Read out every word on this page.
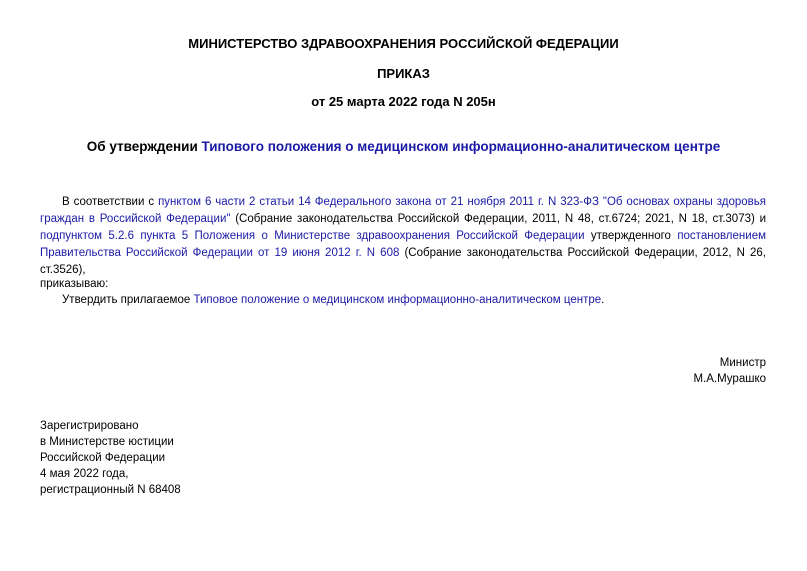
МИНИСТЕРСТВО ЗДРАВООХРАНЕНИЯ РОССИЙСКОЙ ФЕДЕРАЦИИ
ПРИКАЗ
от 25 марта 2022 года N 205н
Об утверждении Типового положения о медицинском информационно-аналитическом центре
В соответствии с пунктом 6 части 2 статьи 14 Федерального закона от 21 ноября 2011 г. N 323-ФЗ "Об основах охраны здоровья граждан в Российской Федерации" (Собрание законодательства Российской Федерации, 2011, N 48, ст.6724; 2021, N 18, ст.3073) и подпунктом 5.2.6 пункта 5 Положения о Министерстве здравоохранения Российской Федерации утвержденного постановлением Правительства Российской Федерации от 19 июня 2012 г. N 608 (Собрание законодательства Российской Федерации, 2012, N 26, ст.3526),
приказываю:
Утвердить прилагаемое Типовое положение о медицинском информационно-аналитическом центре.
Министр
М.А.Мурашко
Зарегистрировано
в Министерстве юстиции
Российской Федерации
4 мая 2022 года,
регистрационный N 68408
